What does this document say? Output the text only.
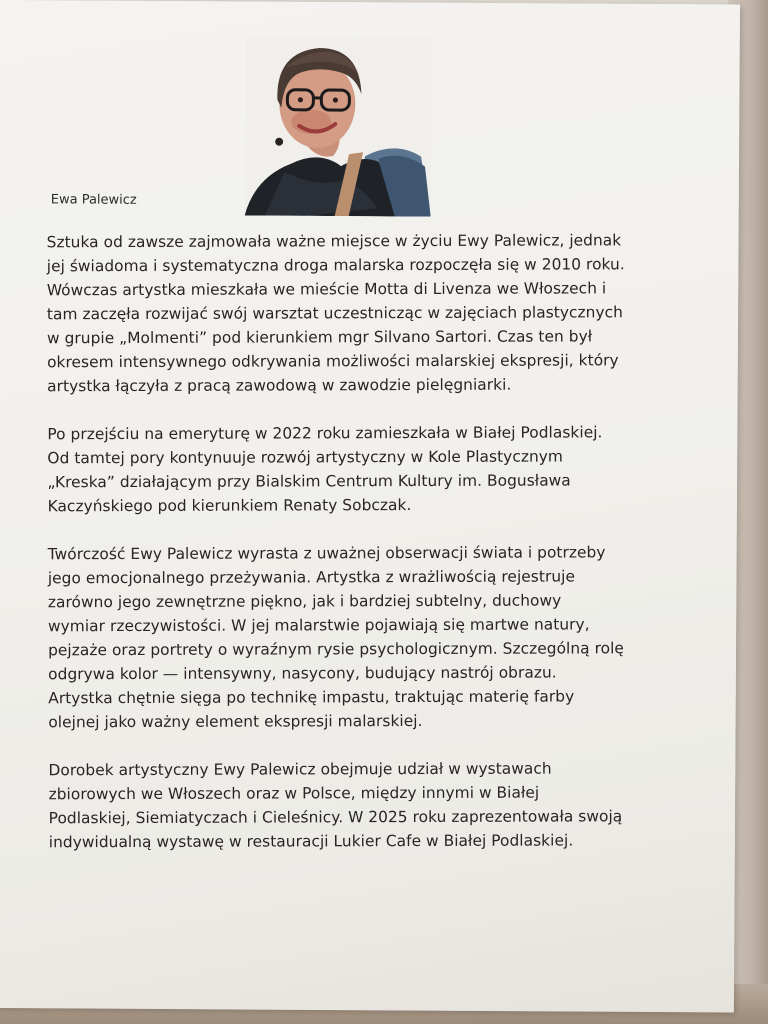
Ewa Palewicz
Sztuka od zawsze zajmowała ważne miejsce w życiu Ewy Palewicz, jednak
jej świadoma i systematyczna droga malarska rozpoczęła się w 2010 roku.
Wówczas artystka mieszkała we mieście Motta di Livenza we Włoszech i
tam zaczęła rozwijać swój warsztat uczestnicząc w zajęciach plastycznych
w grupie „Molmenti” pod kierunkiem mgr Silvano Sartori. Czas ten był
okresem intensywnego odkrywania możliwości malarskiej ekspresji, który
artystka łączyła z pracą zawodową w zawodzie pielęgniarki.
Po przejściu na emeryturę w 2022 roku zamieszkała w Białej Podlaskiej.
Od tamtej pory kontynuuje rozwój artystyczny w Kole Plastycznym
„Kreska” działającym przy Bialskim Centrum Kultury im. Bogusława
Kaczyńskiego pod kierunkiem Renaty Sobczak.
Twórczość Ewy Palewicz wyrasta z uważnej obserwacji świata i potrzeby
jego emocjonalnego przeżywania. Artystka z wrażliwością rejestruje
zarówno jego zewnętrzne piękno, jak i bardziej subtelny, duchowy
wymiar rzeczywistości. W jej malarstwie pojawiają się martwe natury,
pejzaże oraz portrety o wyraźnym rysie psychologicznym. Szczególną rolę
odgrywa kolor — intensywny, nasycony, budujący nastrój obrazu.
Artystka chętnie sięga po technikę impastu, traktując materię farby
olejnej jako ważny element ekspresji malarskiej.
Dorobek artystyczny Ewy Palewicz obejmuje udział w wystawach
zbiorowych we Włoszech oraz w Polsce, między innymi w Białej
Podlaskiej, Siemiatyczach i Cieleśnicy. W 2025 roku zaprezentowała swoją
indywidualną wystawę w restauracji Lukier Cafe w Białej Podlaskiej.
